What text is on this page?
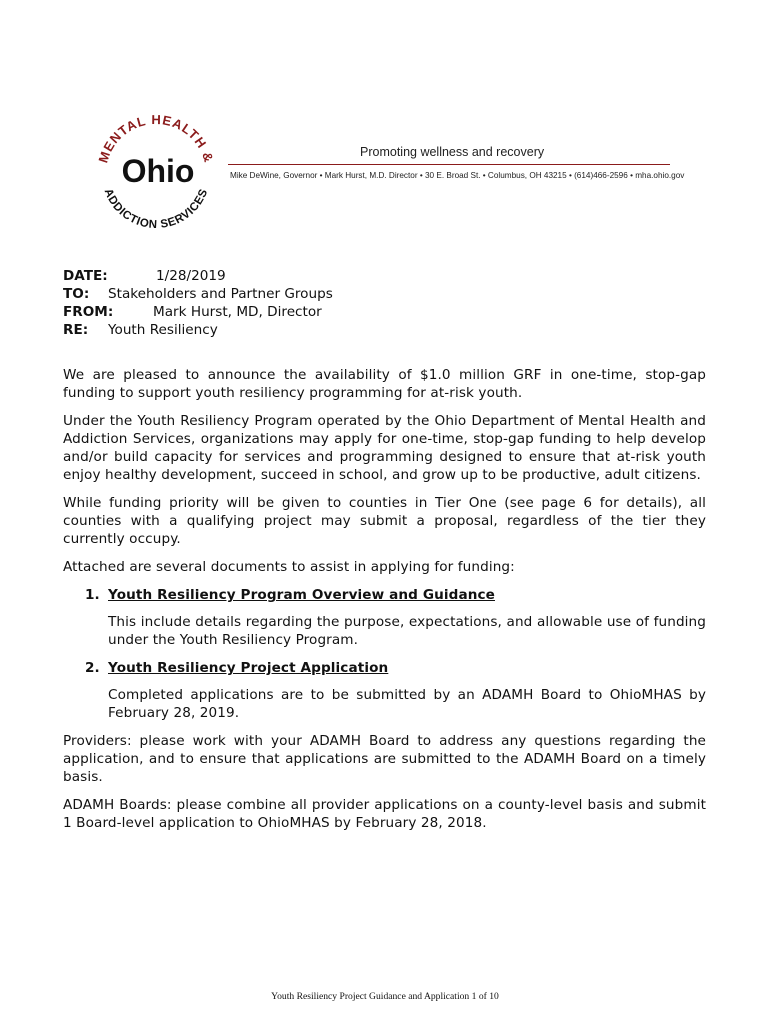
MENTAL HEALTH &
ADDICTION SERVICES
Ohio
Promoting wellness and recovery
Mike DeWine, Governor • Mark Hurst, M.D. Director • 30 E. Broad St. • Columbus, OH 43215 • (614)466-2596 • mha.ohio.gov
DATE:	1/28/2019
TO: Stakeholders and Partner Groups
FROM:	Mark Hurst, MD, Director
RE: Youth Resiliency

We are pleased to announce the availability of $1.0 million GRF in one-time, stop-gap funding to support youth resiliency programming for at-risk youth.

Under the Youth Resiliency Program operated by the Ohio Department of Mental Health and Addiction Services, organizations may apply for one-time, stop-gap funding to help develop and/or build capacity for services and programming designed to ensure that at-risk youth enjoy healthy development, succeed in school, and grow up to be productive, adult citizens.

While funding priority will be given to counties in Tier One (see page 6 for details), all counties with a qualifying project may submit a proposal, regardless of the tier they currently occupy.

Attached are several documents to assist in applying for funding:

1. Youth Resiliency Program Overview and Guidance

This include details regarding the purpose, expectations, and allowable use of funding under the Youth Resiliency Program.

2. Youth Resiliency Project Application

Completed applications are to be submitted by an ADAMH Board to OhioMHAS by February 28, 2019.

Providers: please work with your ADAMH Board to address any questions regarding the application, and to ensure that applications are submitted to the ADAMH Board on a timely basis.

ADAMH Boards: please combine all provider applications on a county-level basis and submit 1 Board-level application to OhioMHAS by February 28, 2018.

Youth Resiliency Project Guidance and Application 1 of 10
